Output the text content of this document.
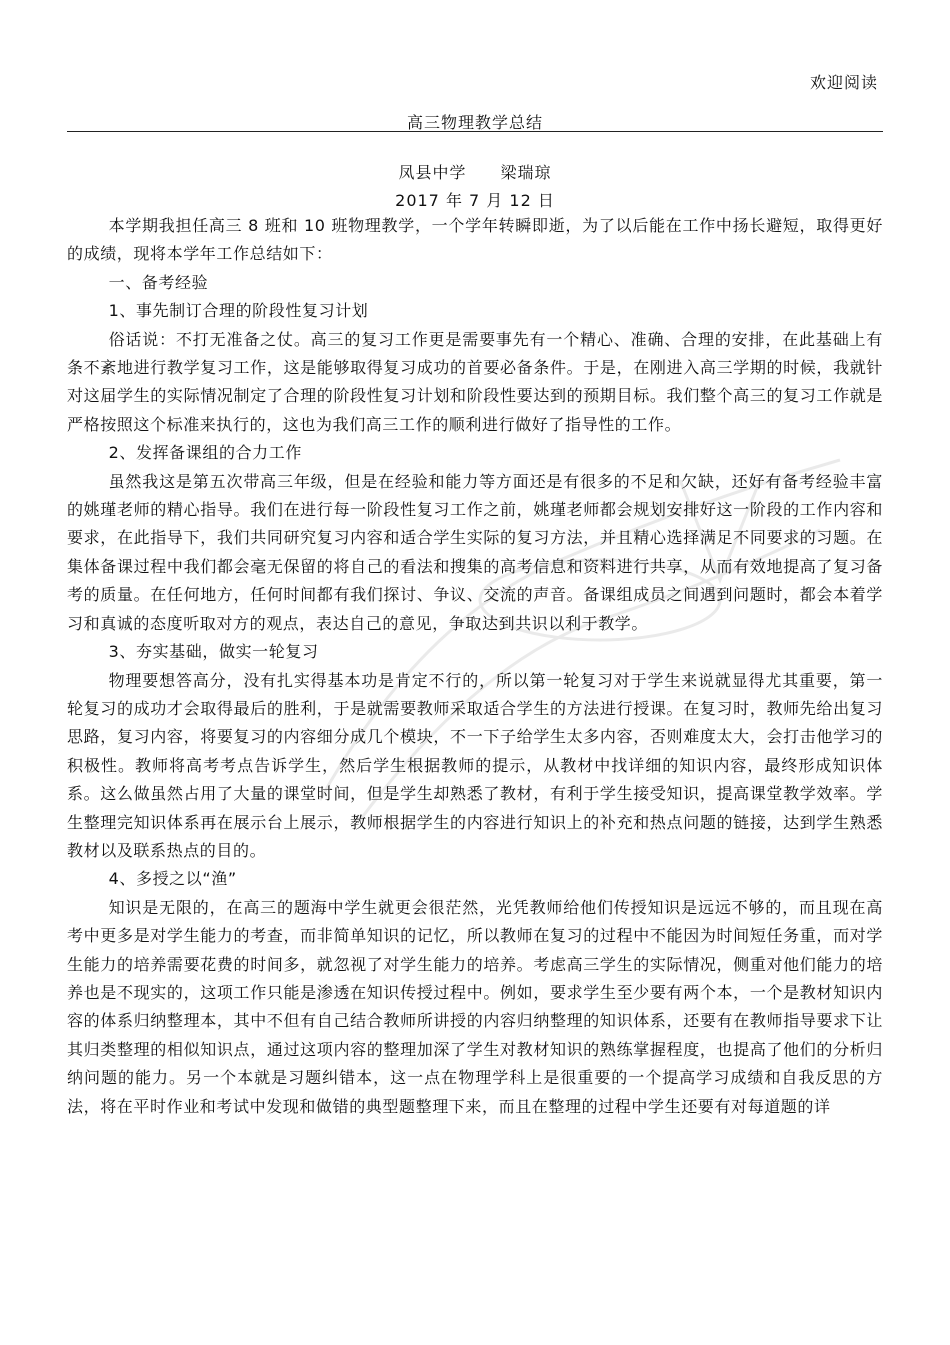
欢迎阅读
高三物理教学总结
凤县中学 梁瑞琼
2017 年 7 月 12 日

本学期我担任高三 8 班和 10 班物理教学，一个学年转瞬即逝，为了以后能在工作中扬长避短，取得更好的成绩，现将本学年工作总结如下：

一、备考经验

1、事先制订合理的阶段性复习计划

俗话说：不打无准备之仗。高三的复习工作更是需要事先有一个精心、准确、合理的安排，在此基础上有条不紊地进行教学复习工作，这是能够取得复习成功的首要必备条件。于是，在刚进入高三学期的时候，我就针对这届学生的实际情况制定了合理的阶段性复习计划和阶段性要达到的预期目标。我们整个高三的复习工作就是严格按照这个标准来执行的，这也为我们高三工作的顺利进行做好了指导性的工作。

2、发挥备课组的合力工作

虽然我这是第五次带高三年级，但是在经验和能力等方面还是有很多的不足和欠缺，还好有备考经验丰富的姚瑾老师的精心指导。我们在进行每一阶段性复习工作之前，姚瑾老师都会规划安排好这一阶段的工作内容和要求，在此指导下，我们共同研究复习内容和适合学生实际的复习方法，并且精心选择满足不同要求的习题。在集体备课过程中我们都会毫无保留的将自己的看法和搜集的高考信息和资料进行共享，从而有效地提高了复习备考的质量。在任何地方，任何时间都有我们探讨、争议、交流的声音。备课组成员之间遇到问题时，都会本着学习和真诚的态度听取对方的观点，表达自己的意见，争取达到共识以利于教学。

3、夯实基础，做实一轮复习

物理要想答高分，没有扎实得基本功是肯定不行的，所以第一轮复习对于学生来说就显得尤其重要，第一轮复习的成功才会取得最后的胜利，于是就需要教师采取适合学生的方法进行授课。在复习时，教师先给出复习思路，复习内容，将要复习的内容细分成几个模块，不一下子给学生太多内容，否则难度太大，会打击他学习的积极性。教师将高考考点告诉学生，然后学生根据教师的提示，从教材中找详细的知识内容，最终形成知识体系。这么做虽然占用了大量的课堂时间，但是学生却熟悉了教材，有利于学生接受知识，提高课堂教学效率。学生整理完知识体系再在展示台上展示，教师根据学生的内容进行知识上的补充和热点问题的链接，达到学生熟悉教材以及联系热点的目的。

4、多授之以“渔”

知识是无限的，在高三的题海中学生就更会很茫然，光凭教师给他们传授知识是远远不够的，而且现在高考中更多是对学生能力的考查，而非简单知识的记忆，所以教师在复习的过程中不能因为时间短任务重，而对学生能力的培养需要花费的时间多，就忽视了对学生能力的培养。考虑高三学生的实际情况，侧重对他们能力的培养也是不现实的，这项工作只能是渗透在知识传授过程中。例如，要求学生至少要有两个本，一个是教材知识内容的体系归纳整理本，其中不但有自己结合教师所讲授的内容归纳整理的知识体系，还要有在教师指导要求下让其归类整理的相似知识点，通过这项内容的整理加深了学生对教材知识的熟练掌握程度，也提高了他们的分析归纳问题的能力。另一个本就是习题纠错本，这一点在物理学科上是很重要的一个提高学习成绩和自我反思的方法，将在平时作业和考试中发现和做错的典型题整理下来，而且在整理的过程中学生还要有对每道题的详
